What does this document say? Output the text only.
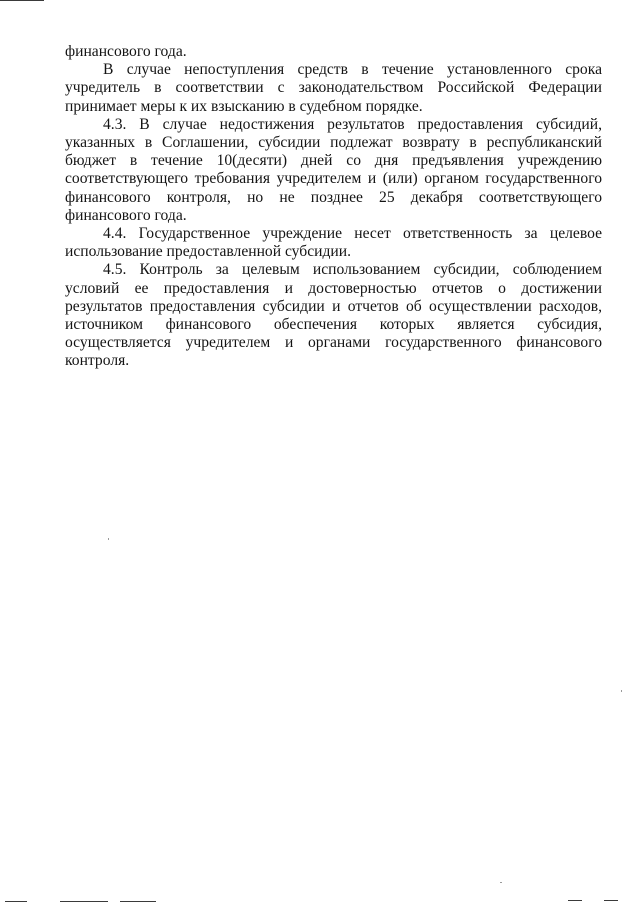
финансового года.

В случае непоступления средств в течение установленного срока учредитель в соответствии с законодательством Российской Федерации принимает меры к их взысканию в судебном порядке.

4.3. В случае недостижения результатов предоставления субсидий, указанных в Соглашении, субсидии подлежат возврату в республиканский бюджет в течение 10(десяти) дней со дня предъявления учреждению соответствующего требования учредителем и (или) органом государственного финансового контроля, но не позднее 25 декабря соответствующего финансового года.

4.4. Государственное учреждение несет ответственность за целевое использование предоставленной субсидии.

4.5. Контроль за целевым использованием субсидии, соблюдением условий ее предоставления и достоверностью отчетов о достижении результатов предоставления субсидии и отчетов об осуществлении расходов, источником финансового обеспечения которых является субсидия, осуществляется учредителем и органами государственного финансового контроля.
